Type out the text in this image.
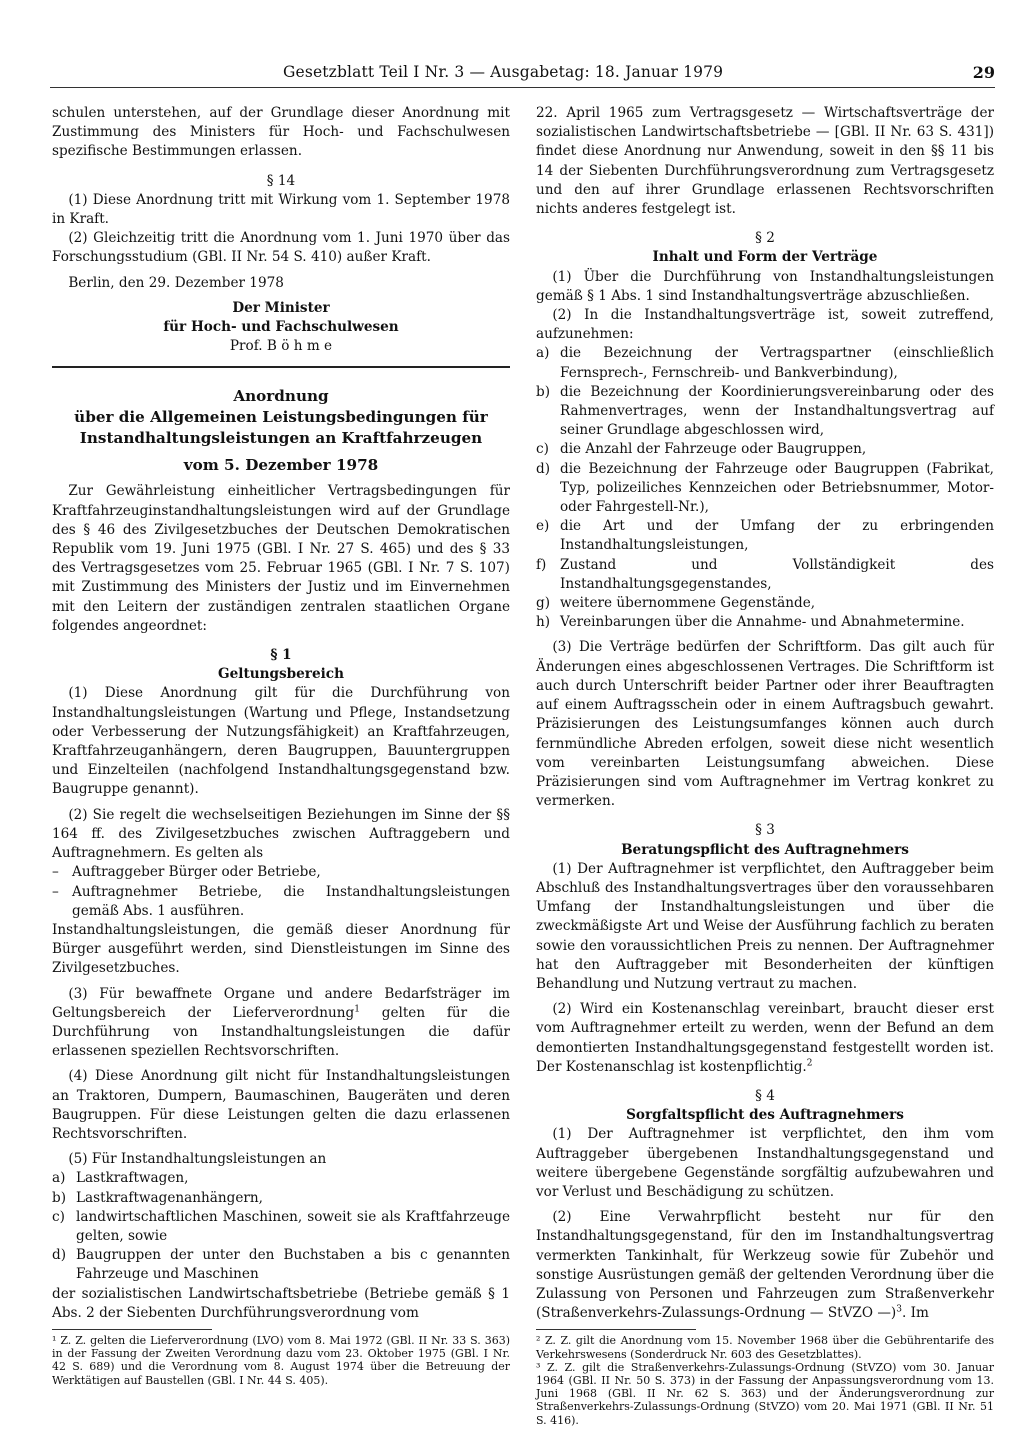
Gesetzblatt Teil I Nr. 3 — Ausgabetag: 18. Januar 1979	29

schulen unterstehen, auf der Grundlage dieser Anordnung mit Zustimmung des Ministers für Hoch- und Fachschulwesen spezifische Bestimmungen erlassen.

§ 14

(1) Diese Anordnung tritt mit Wirkung vom 1. September 1978 in Kraft.

(2) Gleichzeitig tritt die Anordnung vom 1. Juni 1970 über das Forschungsstudium (GBl. II Nr. 54 S. 410) außer Kraft.

Berlin, den 29. Dezember 1978

Der Minister

für Hoch- und Fachschulwesen

Prof. B ö h m e

Anordnung

über die Allgemeinen Leistungsbedingungen für

Instandhaltungsleistungen an Kraftfahrzeugen

vom 5. Dezember 1978

Zur Gewährleistung einheitlicher Vertragsbedingungen für Kraftfahrzeuginstandhaltungsleistungen wird auf der Grundlage des § 46 des Zivilgesetzbuches der Deutschen Demokratischen Republik vom 19. Juni 1975 (GBl. I Nr. 27 S. 465) und des § 33 des Vertragsgesetzes vom 25. Februar 1965 (GBl. I Nr. 7 S. 107) mit Zustimmung des Ministers der Justiz und im Einvernehmen mit den Leitern der zuständigen zentralen staatlichen Organe folgendes angeordnet:

§ 1

Geltungsbereich

(1) Diese Anordnung gilt für die Durchführung von Instandhaltungsleistungen (Wartung und Pflege, Instandsetzung oder Verbesserung der Nutzungsfähigkeit) an Kraftfahrzeugen, Kraftfahrzeuganhängern, deren Baugruppen, Bauuntergruppen und Einzelteilen (nachfolgend Instandhaltungsgegenstand bzw. Baugruppe genannt).

(2) Sie regelt die wechselseitigen Beziehungen im Sinne der §§ 164 ff. des Zivilgesetzbuches zwischen Auftraggebern und Auftragnehmern. Es gelten als

– Auftraggeber Bürger oder Betriebe,
– Auftragnehmer Betriebe, die Instandhaltungsleistungen gemäß Abs. 1 ausführen.

Instandhaltungsleistungen, die gemäß dieser Anordnung für Bürger ausgeführt werden, sind Dienstleistungen im Sinne des Zivilgesetzbuches.

(3) Für bewaffnete Organe und andere Bedarfsträger im Geltungsbereich der Lieferverordnung$^1$ gelten für die Durchführung von Instandhaltungsleistungen die dafür erlassenen speziellen Rechtsvorschriften.

(4) Diese Anordnung gilt nicht für Instandhaltungsleistungen an Traktoren, Dumpern, Baumaschinen, Baugeräten und deren Baugruppen. Für diese Leistungen gelten die dazu erlassenen Rechtsvorschriften.

(5) Für Instandhaltungsleistungen an

a) Lastkraftwagen,
b) Lastkraftwagenanhängern,
c) landwirtschaftlichen Maschinen, soweit sie als Kraftfahrzeuge gelten, sowie
d) Baugruppen der unter den Buchstaben a bis c genannten Fahrzeuge und Maschinen

der sozialistischen Landwirtschaftsbetriebe (Betriebe gemäß § 1 Abs. 2 der Siebenten Durchführungsverordnung vom

¹ Z. Z. gelten die Lieferverordnung (LVO) vom 8. Mai 1972 (GBl. II Nr. 33 S. 363) in der Fassung der Zweiten Verordnung dazu vom 23. Oktober 1975 (GBl. I Nr. 42 S. 689) und die Verordnung vom 8. August 1974 über die Betreuung der Werktätigen auf Baustellen (GBl. I Nr. 44 S. 405).

22. April 1965 zum Vertragsgesetz — Wirtschaftsverträge der sozialistischen Landwirtschaftsbetriebe — [GBl. II Nr. 63 S. 431]) findet diese Anordnung nur Anwendung, soweit in den §§ 11 bis 14 der Siebenten Durchführungsverordnung zum Vertragsgesetz und den auf ihrer Grundlage erlassenen Rechtsvorschriften nichts anderes festgelegt ist.

§ 2

Inhalt und Form der Verträge

(1) Über die Durchführung von Instandhaltungsleistungen gemäß § 1 Abs. 1 sind Instandhaltungsverträge abzuschließen.

(2) In die Instandhaltungsverträge ist, soweit zutreffend, aufzunehmen:

a) die Bezeichnung der Vertragspartner (einschließlich Fernsprech-, Fernschreib- und Bankverbindung),
b) die Bezeichnung der Koordinierungsvereinbarung oder des Rahmenvertrages, wenn der Instandhaltungsvertrag auf seiner Grundlage abgeschlossen wird,
c) die Anzahl der Fahrzeuge oder Baugruppen,
d) die Bezeichnung der Fahrzeuge oder Baugruppen (Fabrikat, Typ, polizeiliches Kennzeichen oder Betriebsnummer, Motor- oder Fahrgestell-Nr.),
e) die Art und der Umfang der zu erbringenden Instandhaltungsleistungen,
f)	Zustand und Vollständigkeit des Instandhaltungsgegenstandes,
g) weitere übernommene Gegenstände,
h) Vereinbarungen über die Annahme- und Abnahmetermine.

(3) Die Verträge bedürfen der Schriftform. Das gilt auch für Änderungen eines abgeschlossenen Vertrages. Die Schriftform ist auch durch Unterschrift beider Partner oder ihrer Beauftragten auf einem Auftragsschein oder in einem Auftragsbuch gewahrt. Präzisierungen des Leistungsumfanges können auch durch fernmündliche Abreden erfolgen, soweit diese nicht wesentlich vom vereinbarten Leistungsumfang abweichen. Diese Präzisierungen sind vom Auftragnehmer im Vertrag konkret zu vermerken.

§ 3

Beratungspflicht des Auftragnehmers

(1) Der Auftragnehmer ist verpflichtet, den Auftraggeber beim Abschluß des Instandhaltungsvertrages über den voraussehbaren Umfang der Instandhaltungsleistungen und über die zweckmäßigste Art und Weise der Ausführung fachlich zu beraten sowie den voraussichtlichen Preis zu nennen. Der Auftragnehmer hat den Auftraggeber mit Besonderheiten der künftigen Behandlung und Nutzung vertraut zu machen.

(2) Wird ein Kostenanschlag vereinbart, braucht dieser erst vom Auftragnehmer erteilt zu werden, wenn der Befund an dem demontierten Instandhaltungsgegenstand festgestellt worden ist. Der Kostenanschlag ist kostenpflichtig.$^2$

§ 4

Sorgfaltspflicht des Auftragnehmers

(1) Der Auftragnehmer ist verpflichtet, den ihm vom Auftraggeber übergebenen Instandhaltungsgegenstand und weitere übergebene Gegenstände sorgfältig aufzubewahren und vor Verlust und Beschädigung zu schützen.

(2) Eine Verwahrpflicht besteht nur für den Instandhaltungsgegenstand, für den im Instandhaltungsvertrag vermerkten Tankinhalt, für Werkzeug sowie für Zubehör und sonstige Ausrüstungen gemäß der geltenden Verordnung über die Zulassung von Personen und Fahrzeugen zum Straßenverkehr (Straßenverkehrs-Zulassungs-Ordnung — StVZO —)$^3$. Im

² Z. Z. gilt die Anordnung vom 15. November 1968 über die Gebührentarife des Verkehrswesens (Sonderdruck Nr. 603 des Gesetzblattes).

³ Z. Z. gilt die Straßenverkehrs-Zulassungs-Ordnung (StVZO) vom 30. Januar 1964 (GBl. II Nr. 50 S. 373) in der Fassung der Anpassungsverordnung vom 13. Juni 1968 (GBl. II Nr. 62 S. 363) und der Änderungsverordnung zur Straßenverkehrs-Zulassungs-Ordnung (StVZO) vom 20. Mai 1971 (GBl. II Nr. 51 S. 416).
